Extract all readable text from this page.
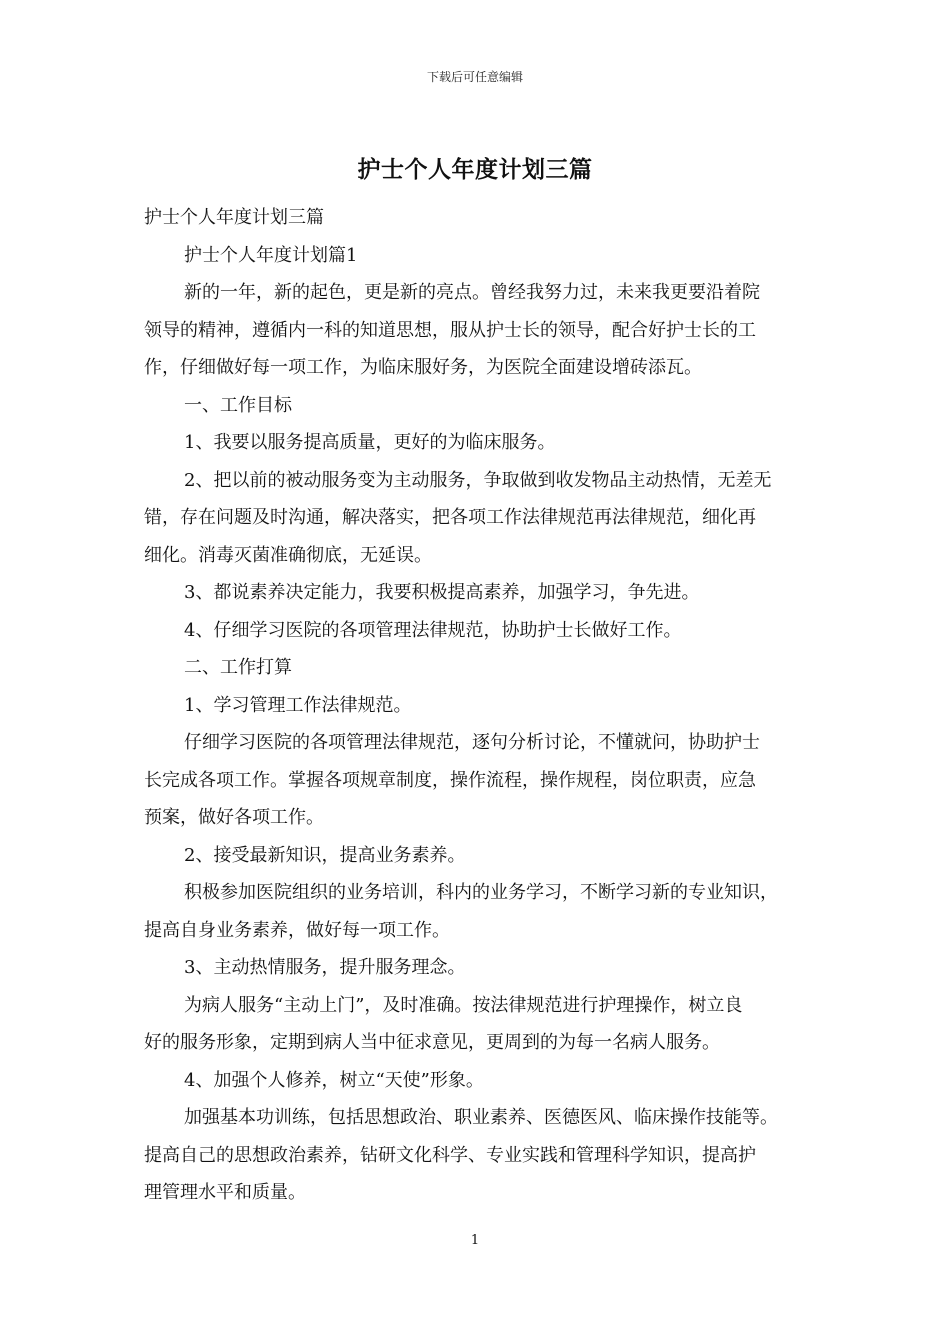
下载后可任意编辑
护士个人年度计划三篇

护士个人年度计划三篇

护士个人年度计划篇1

新的一年，新的起色，更是新的亮点。曾经我努力过，未来我更要沿着院

领导的精神，遵循内一科的知道思想，服从护士长的领导，配合好护士长的工

作，仔细做好每一项工作，为临床服好务，为医院全面建设增砖添瓦。

一、工作目标

1、我要以服务提高质量，更好的为临床服务。

2、把以前的被动服务变为主动服务，争取做到收发物品主动热情，无差无

错，存在问题及时沟通，解决落实，把各项工作法律规范再法律规范，细化再

细化。消毒灭菌准确彻底，无延误。

3、都说素养决定能力，我要积极提高素养，加强学习，争先进。

4、仔细学习医院的各项管理法律规范，协助护士长做好工作。

二、工作打算

1、学习管理工作法律规范。

仔细学习医院的各项管理法律规范，逐句分析讨论，不懂就问，协助护士

长完成各项工作。掌握各项规章制度，操作流程，操作规程，岗位职责，应急

预案，做好各项工作。

2、接受最新知识，提高业务素养。

积极参加医院组织的业务培训，科内的业务学习，不断学习新的专业知识，

提高自身业务素养，做好每一项工作。

3、主动热情服务，提升服务理念。

为病人服务“主动上门”，及时准确。按法律规范进行护理操作，树立良

好的服务形象，定期到病人当中征求意见，更周到的为每一名病人服务。

4、加强个人修养，树立“天使”形象。

加强基本功训练，包括思想政治、职业素养、医德医风、临床操作技能等。

提高自己的思想政治素养，钻研文化科学、专业实践和管理科学知识，提高护

理管理水平和质量。

1
